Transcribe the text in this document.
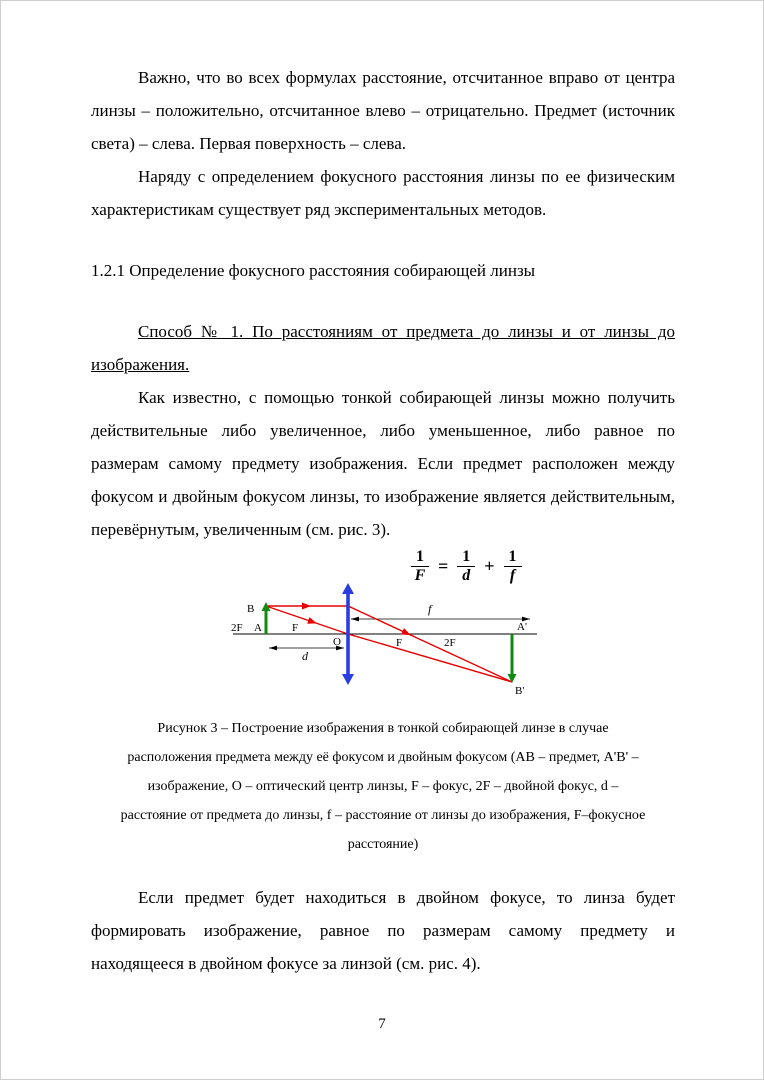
Важно, что во всех формулах расстояние, отсчитанное вправо от центра линзы – положительно, отсчитанное влево – отрицательно. Предмет (источник света) – слева. Первая поверхность – слева.

Наряду с определением фокусного расстояния линзы по ее физическим характеристикам существует ряд экспериментальных методов.

1.2.1 Определение фокусного расстояния собирающей линзы

Способ № 1. По расстояниям от предмета до линзы и от линзы до изображения.

Как известно, с помощью тонкой собирающей линзы можно получить действительные либо увеличенное, либо уменьшенное, либо равное по размерам самому предмету изображения. Если предмет расположен между фокусом и двойным фокусом линзы, то изображение является действительным, перевёрнутым, увеличенным (см. рис. 3).

$\frac{1}{F} = \frac{1}{d} + \frac{1}{f}$
B
A
2F	F
O	F	2F
A'
B'
d
f
Рисунок 3 – Построение изображения в тонкой собирающей линзе в случае
расположения предмета между её фокусом и двойным фокусом (АВ – предмет, А'В' –
изображение, О – оптический центр линзы, F – фокус, 2F – двойной фокус, d –
расстояние от предмета до линзы, f – расстояние от линзы до изображения, F–фокусное
расстояние)

Если предмет будет находиться в двойном фокусе, то линза будет формировать изображение, равное по размерам самому предмету и находящееся в двойном фокусе за линзой (см. рис. 4).

7
